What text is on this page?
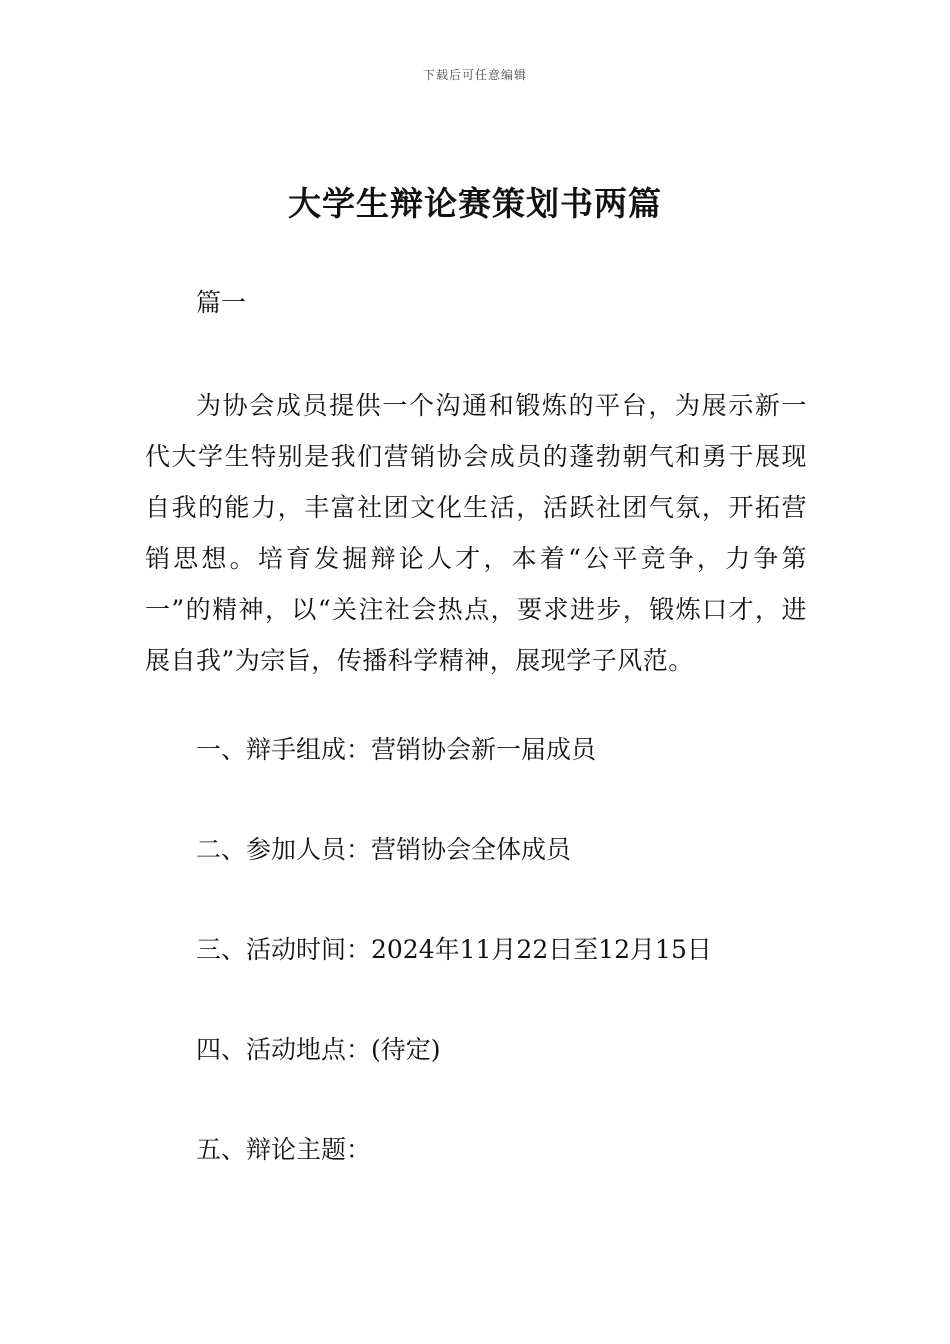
下载后可任意编辑
大学生辩论赛策划书两篇

篇一

为协会成员提供一个沟通和锻炼的平台，为展示新一代大学生特别是我们营销协会成员的蓬勃朝气和勇于展现自我的能力，丰富社团文化生活，活跃社团气氛，开拓营销思想。培育发掘辩论人才，本着“公平竞争，力争第一”的精神，以“关注社会热点，要求进步，锻炼口才，进展自我”为宗旨，传播科学精神，展现学子风范。

一、辩手组成：营销协会新一届成员

二、参加人员：营销协会全体成员

三、活动时间：2024年11月22日至12月15日

四、活动地点：(待定)

五、辩论主题：
